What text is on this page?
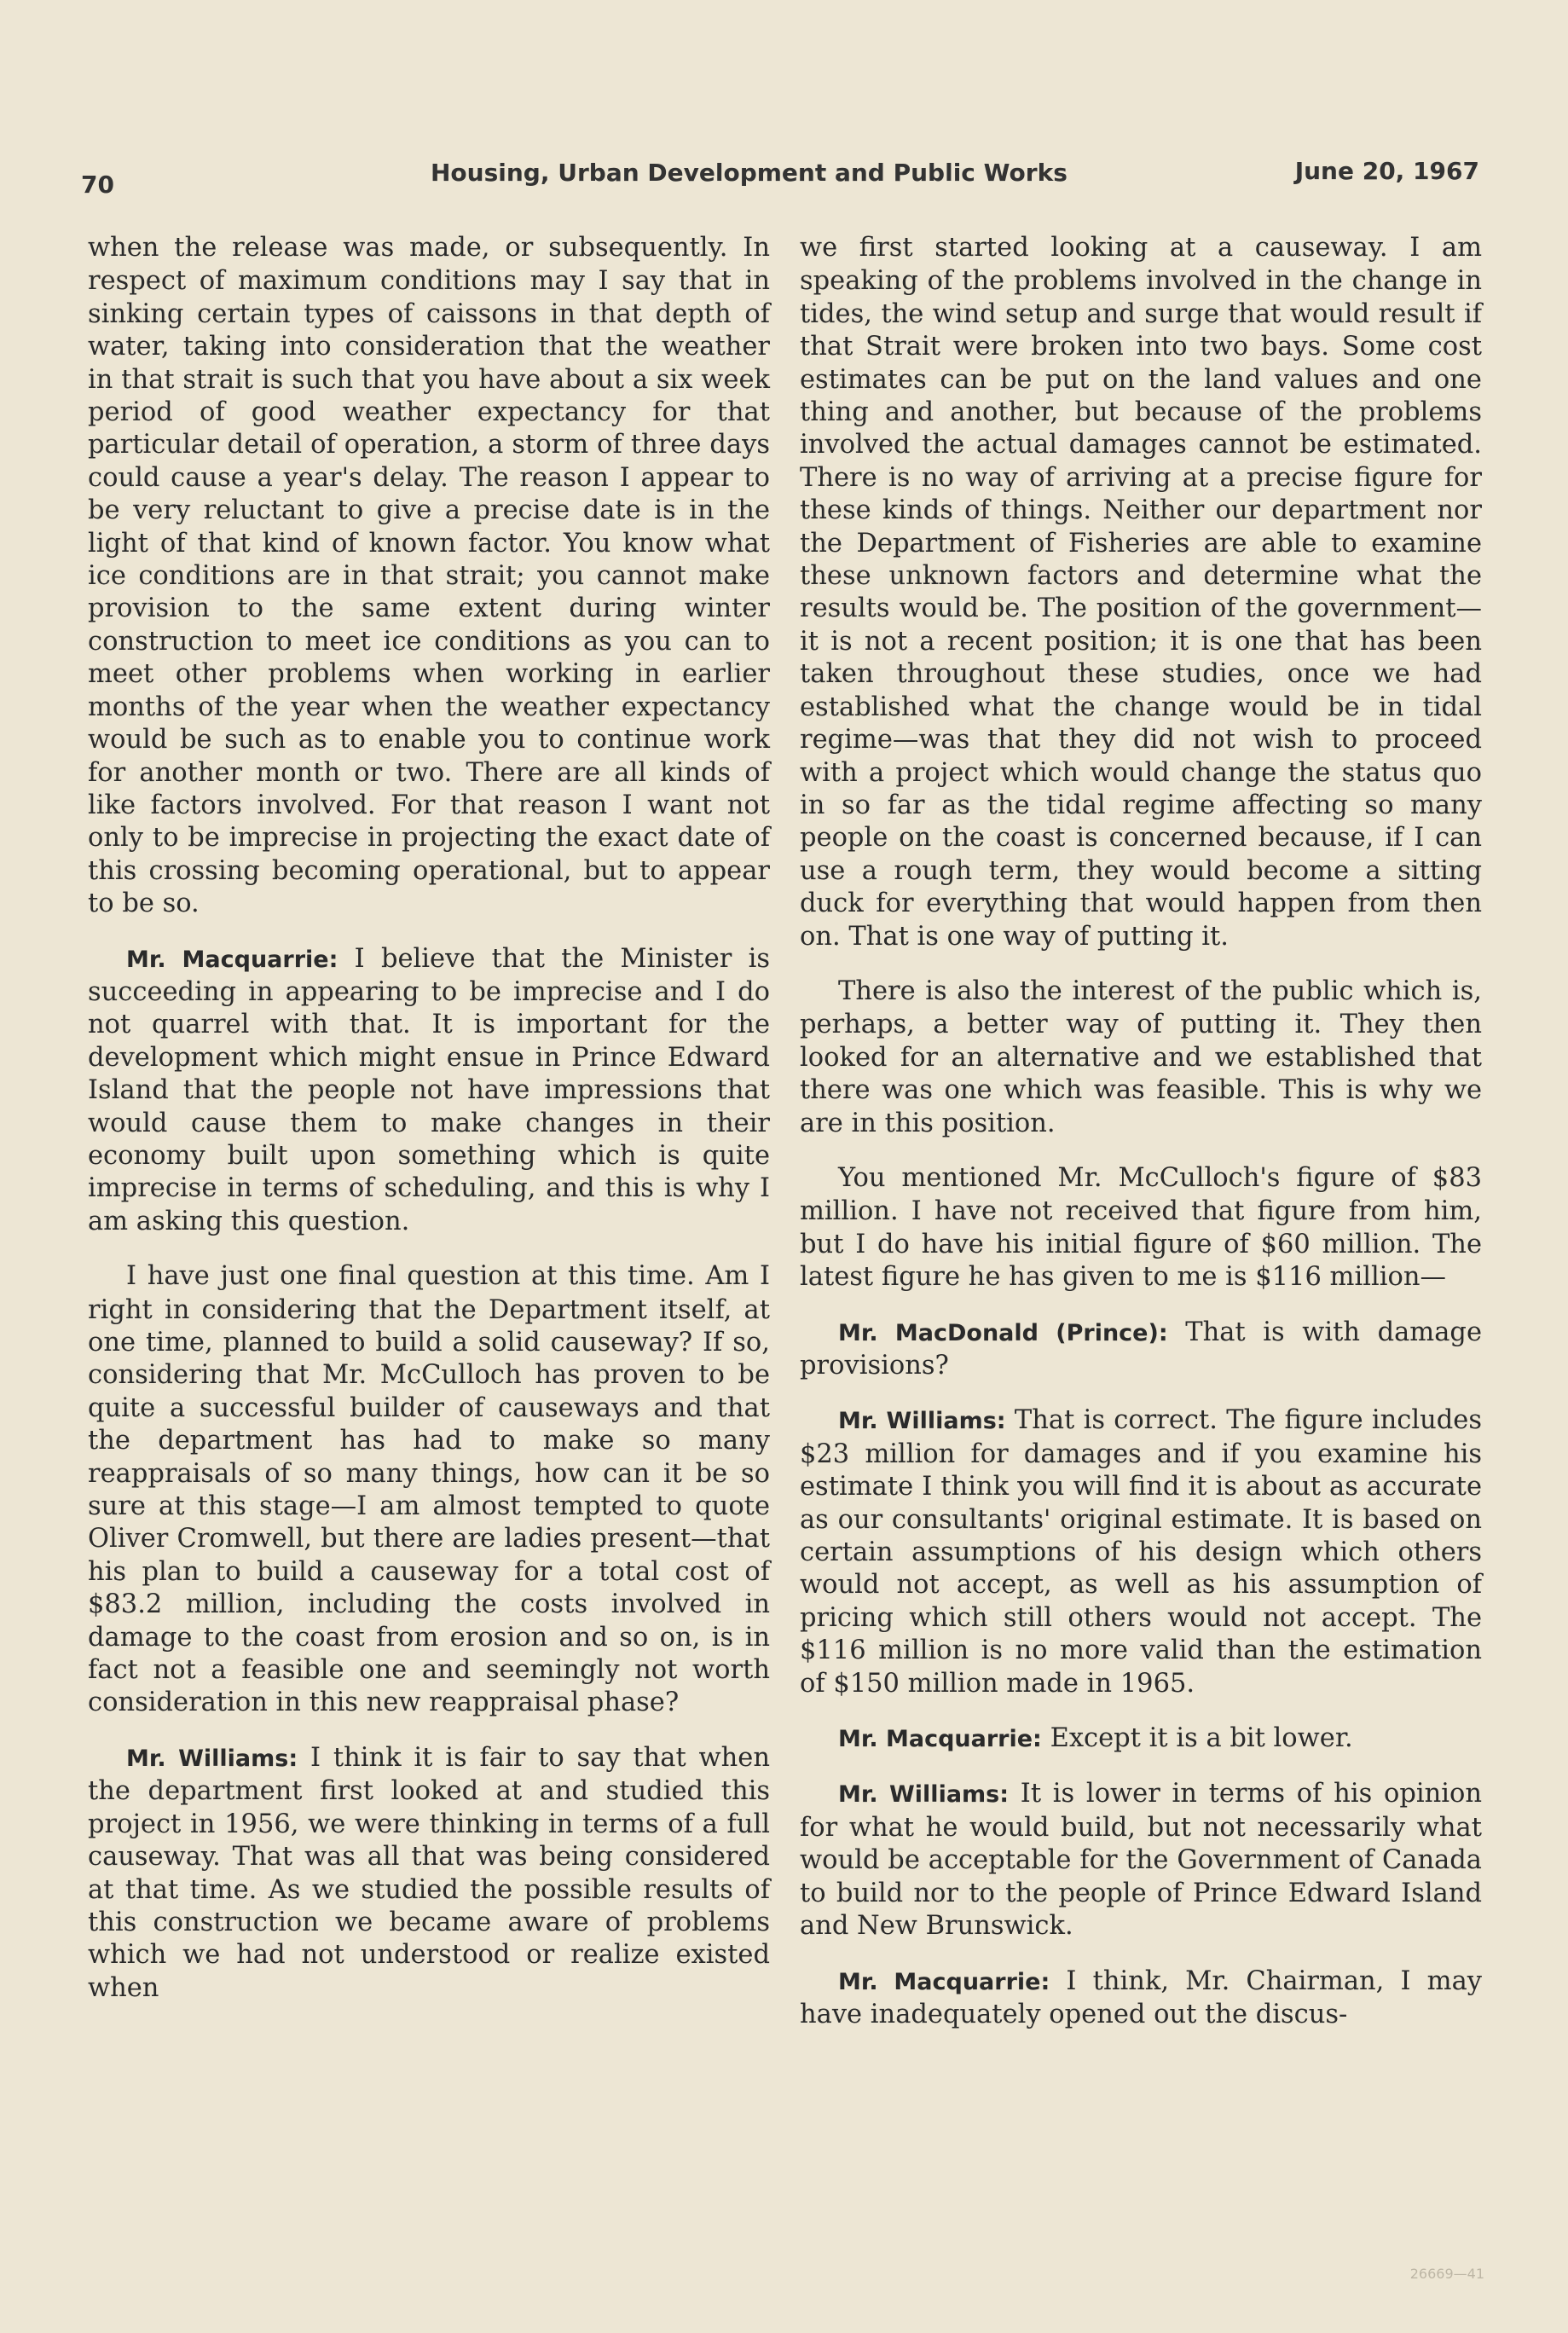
70	Housing, Urban Development and Public Works	June 20, 1967

when the release was made, or subsequently. In respect of maximum conditions may I say that in sinking certain types of caissons in that depth of water, taking into consideration that the weather in that strait is such that you have about a six week period of good weather expectancy for that particular detail of operation, a storm of three days could cause a year's delay. The reason I appear to be very reluctant to give a precise date is in the light of that kind of known factor. You know what ice conditions are in that strait; you cannot make provision to the same extent during winter construction to meet ice conditions as you can to meet other problems when working in earlier months of the year when the weather expectancy would be such as to enable you to continue work for another month or two. There are all kinds of like factors involved. For that reason I want not only to be imprecise in projecting the exact date of this crossing becoming operational, but to appear to be so.

Mr. Macquarrie: I believe that the Minister is succeeding in appearing to be imprecise and I do not quarrel with that. It is important for the development which might ensue in Prince Edward Island that the people not have impressions that would cause them to make changes in their economy built upon something which is quite imprecise in terms of scheduling, and this is why I am asking this question.

I have just one final question at this time. Am I right in considering that the Department itself, at one time, planned to build a solid causeway? If so, considering that Mr. McCulloch has proven to be quite a successful builder of causeways and that the department has had to make so many reappraisals of so many things, how can it be so sure at this stage—I am almost tempted to quote Oliver Cromwell, but there are ladies present—that his plan to build a causeway for a total cost of $83.2 million, including the costs involved in damage to the coast from erosion and so on, is in fact not a feasible one and seemingly not worth consideration in this new reappraisal phase?

Mr. Williams: I think it is fair to say that when the department first looked at and studied this project in 1956, we were thinking in terms of a full causeway. That was all that was being considered at that time. As we studied the possible results of this construction we became aware of problems which we had not understood or realize existed when

we first started looking at a causeway. I am speaking of the problems involved in the change in tides, the wind setup and surge that would result if that Strait were broken into two bays. Some cost estimates can be put on the land values and one thing and another, but because of the problems involved the actual damages cannot be estimated. There is no way of arriving at a precise figure for these kinds of things. Neither our department nor the Department of Fisheries are able to examine these unknown factors and determine what the results would be. The position of the government—it is not a recent position; it is one that has been taken throughout these studies, once we had established what the change would be in tidal regime—was that they did not wish to proceed with a project which would change the status quo in so far as the tidal regime affecting so many people on the coast is concerned because, if I can use a rough term, they would become a sitting duck for everything that would happen from then on. That is one way of putting it.

There is also the interest of the public which is, perhaps, a better way of putting it. They then looked for an alternative and we established that there was one which was feasible. This is why we are in this position.

You mentioned Mr. McCulloch's figure of $83 million. I have not received that figure from him, but I do have his initial figure of $60 million. The latest figure he has given to me is $116 million—

Mr. MacDonald (Prince): That is with damage provisions?

Mr. Williams: That is correct. The figure includes $23 million for damages and if you examine his estimate I think you will find it is about as accurate as our consultants' original estimate. It is based on certain assumptions of his design which others would not accept, as well as his assumption of pricing which still others would not accept. The $116 million is no more valid than the estimation of $150 million made in 1965.

Mr. Macquarrie: Except it is a bit lower.

Mr. Williams: It is lower in terms of his opinion for what he would build, but not necessarily what would be acceptable for the Government of Canada to build nor to the people of Prince Edward Island and New Brunswick.

Mr. Macquarrie: I think, Mr. Chairman, I may have inadequately opened out the discus-

26669—41
